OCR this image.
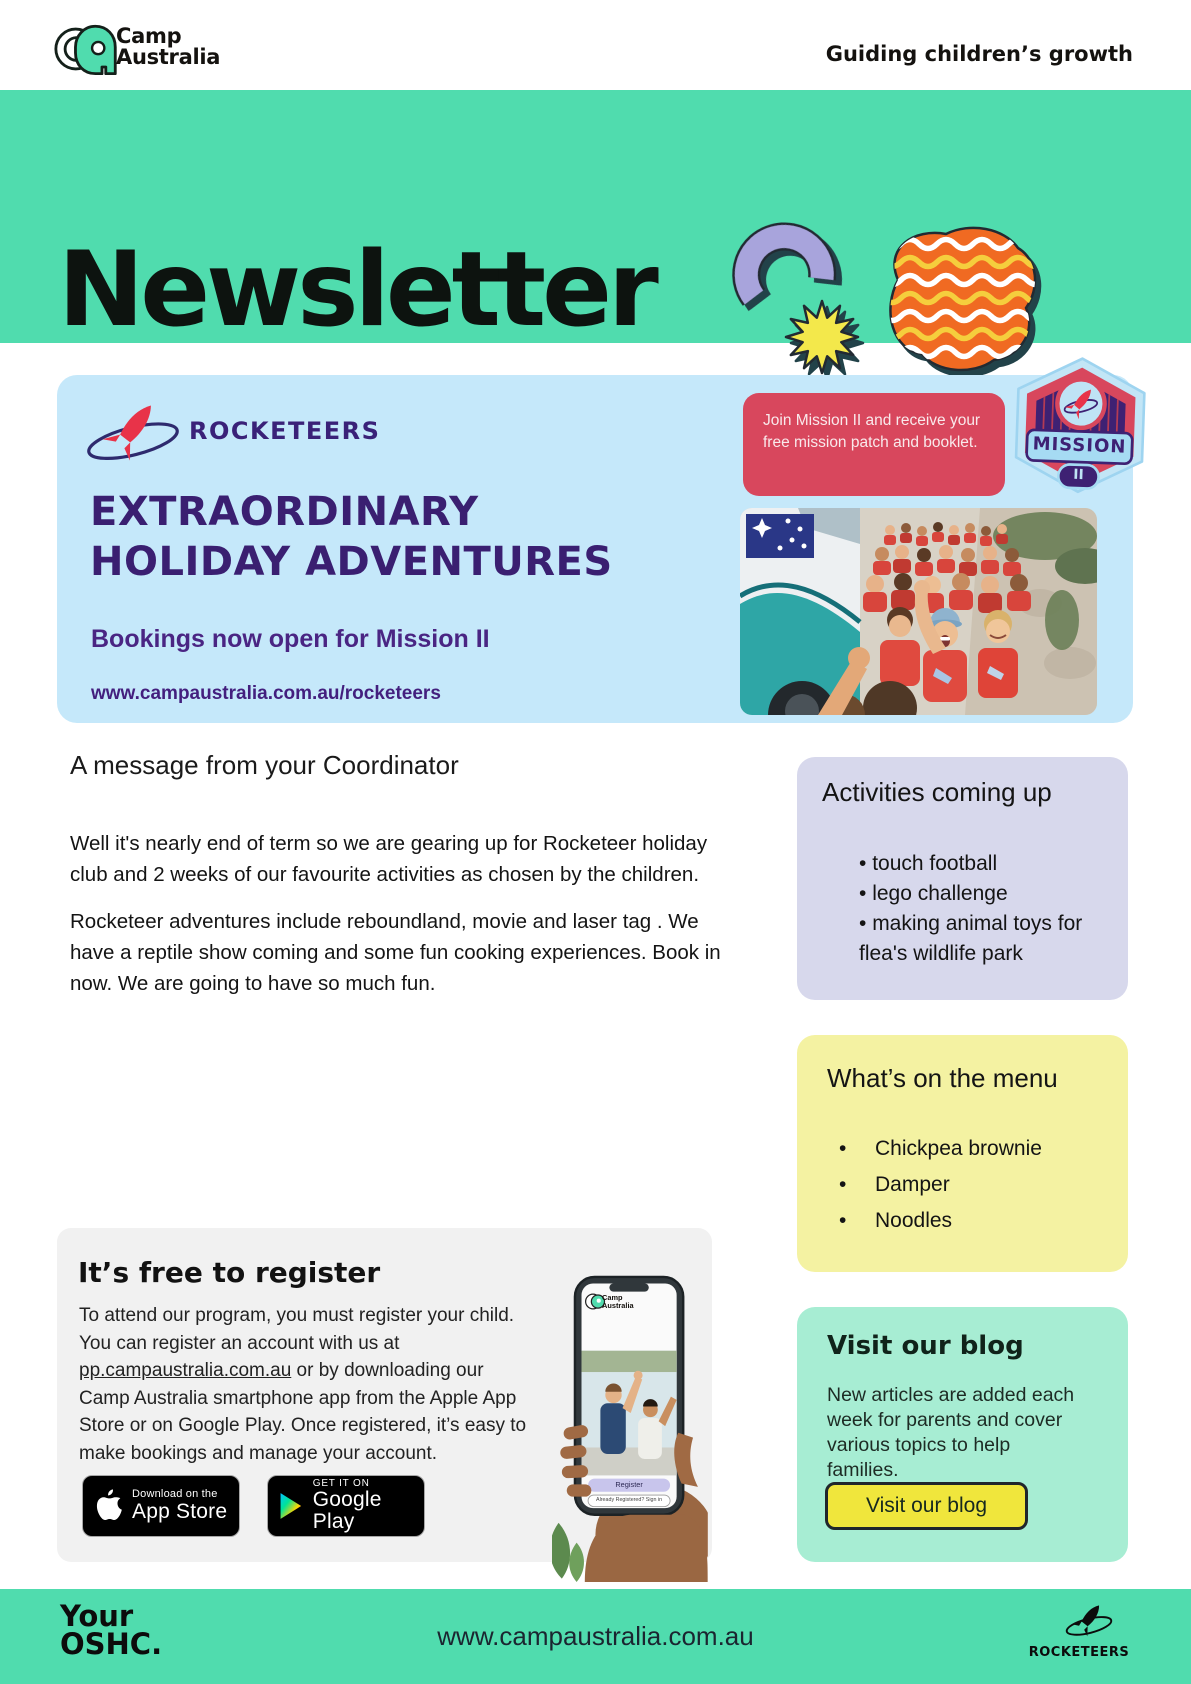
Camp
Australia	Guiding children’s growth
Newsletter
ROCKETEERS
EXTRAORDINARY
HOLIDAY ADVENTURES
Bookings now open for Mission II
www.campaustralia.com.au/rocketeers
Join Mission II and receive your free mission patch and booklet.	MISSION
II
A message from your Coordinator

Well it's nearly end of term so we are gearing up for Rocketeer holiday club and 2 weeks of our favourite activities as chosen by the children.

Rocketeer adventures include reboundland, movie and laser tag . We have a reptile show coming and some fun cooking experiences. Book in now. We are going to have so much fun.

Activities coming up
• touch football
• lego challenge
• making animal toys for flea's wildlife park
What’s on the menu
• Chickpea brownie
• Damper
• Noodles
It’s free to register

To attend our program, you must register your child. You can register an account with us at pp.campaustralia.com.au or by downloading our Camp Australia smartphone app from the Apple App Store or on Google Play. Once registered, it’s easy to make bookings and manage your account.

Download on the
App Store
GET IT ON
Google Play
Camp
Australia
Register
Already Registered? Sign in
Visit our blog

New articles are added each week for parents and cover various topics to help families.

Visit our blog
Your
OSHC.	www.campaustralia.com.au
ROCKETEERS
